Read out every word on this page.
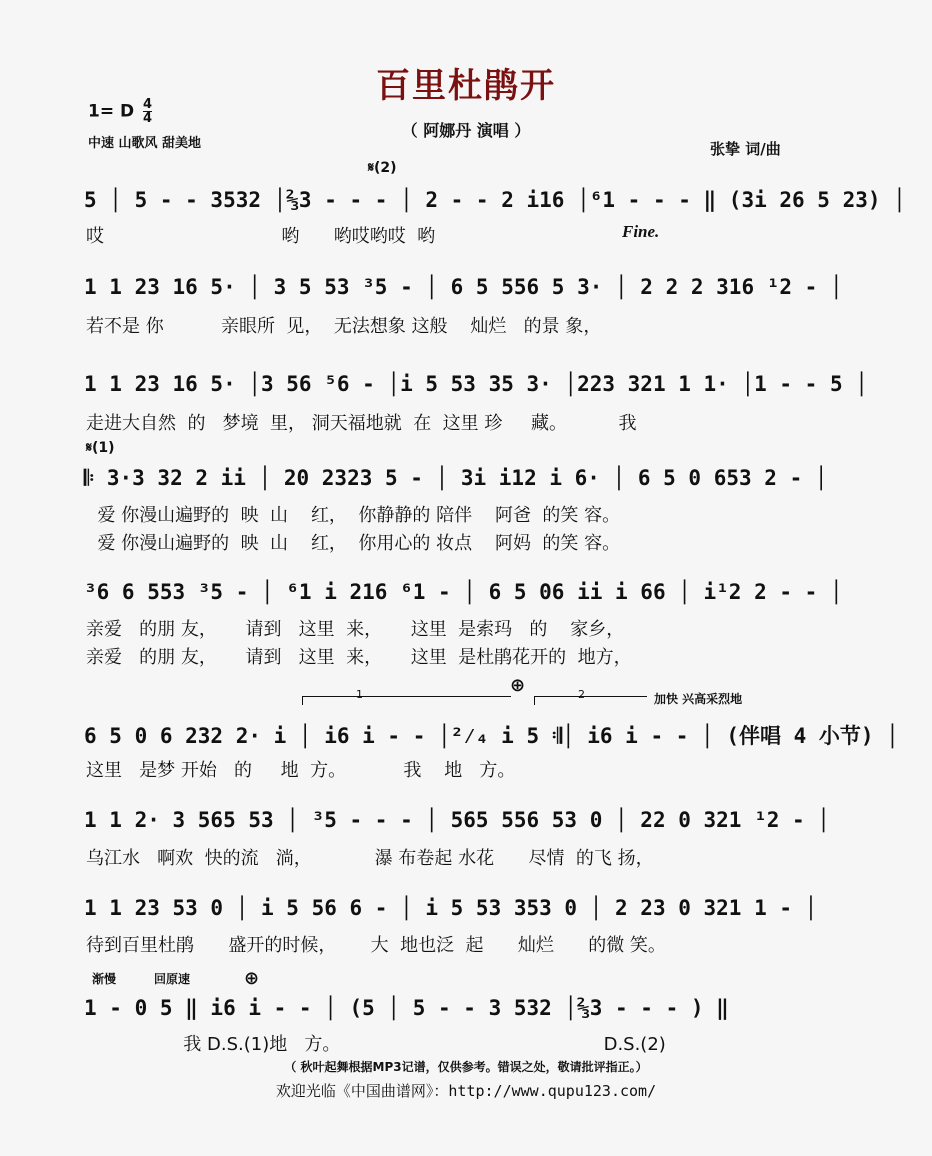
百里杜鹃开
（ 阿娜丹 演唱 ）
1= D $\frac{4}{4}$
中速 山歌风 甜美地	张挚 词/曲
𝄋(2)
5 │ 5 - - 3532 │⅔3 - - - │ 2 - - 2 i16 │⁶1 - - - ‖ (3i 26 5 23) │
哎                               哟      哟哎哟哎  哟	Fine.
1 1 23 16 5· │ 3 5 53 ³5 - │ 6 5 556 5 3· │ 2 2 2 316 ¹2 - │
若不是 你          亲眼所  见，  无法想象 这般    灿烂   的景 象，
1 1 23 16 5· │3 56 ⁵6 - │i 5 53 35 3· │223 321 1 1· │1 - - 5 │
走进大自然  的   梦境  里， 洞天福地就  在  这里 珍     藏。         我
𝄋(1)
𝄆 3·3 32 2 ii │ 20 2323 5 - │ 3i i12 i 6· │ 6 5 0 653 2 - │
爱 你漫山遍野的  映  山    红，  你静静的 陪伴    阿爸  的笑 容。
爱 你漫山遍野的  映  山    红，  你用心的 妆点    阿妈  的笑 容。
³6 6 553 ³5 - │ ⁶1 i 216 ⁶1 - │ 6 5 06 ii i 66 │ i¹2 2 - - │
亲爱   的朋 友，     请到   这里  来，     这里  是索玛   的    家乡，
亲爱   的朋 友，     请到   这里  来，     这里  是杜鹃花开的  地方，
1	⊕	2	加快 兴高采烈地
6 5 0 6 232 2· i │ i6 i - - │²⁄₄ i 5 𝄇│ i6 i - - │ (伴唱 4 小节) │
这里   是梦 开始   的     地  方。          我    地   方。
1 1 2· 3 565 53 │ ³5 - - - │ 565 556 53 0 │ 22 0 321 ¹2 - │
乌江水   啊欢  快的流   淌，           瀑 布卷起 水花      尽情  的飞 扬，
1 1 23 53 0 │ i 5 56 6 - │ i 5 53 353 0 │ 2 23 0 321 1 - │
待到百里杜鹃      盛开的时候，      大  地也泛  起      灿烂      的微 笑。
渐慢	回原速	⊕
1 - 0 5 ‖ i6 i - - │ (5 │ 5 - - 3 532 │⅔3 - - - ) ‖
我 D.S.(1)地   方。                                              D.S.(2)
（ 秋叶起舞根据MP3记谱，仅供参考。错误之处，敬请批评指正。）
欢迎光临《中国曲谱网》：http://www.qupu123.com/
